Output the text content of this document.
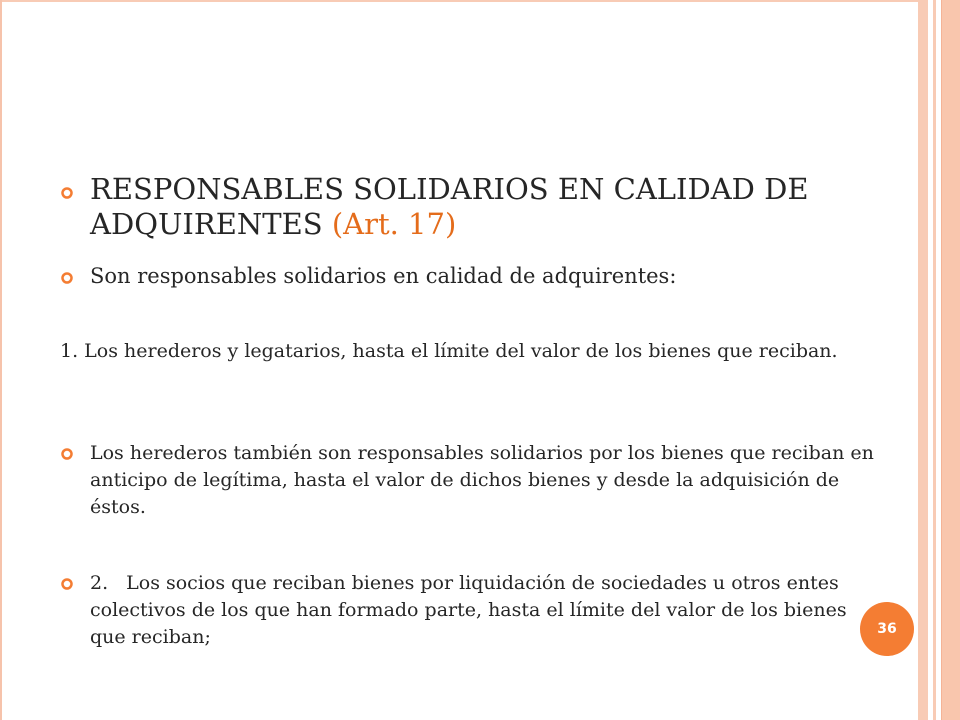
RESPONSABLES SOLIDARIOS EN CALIDAD DE ADQUIRENTES (Art. 17)
Son responsables solidarios en calidad de adquirentes:
1. Los herederos y legatarios, hasta el límite del valor de los bienes que reciban.
Los herederos también son responsables solidarios por los bienes que reciban en anticipo de legítima, hasta el valor de dichos bienes y desde la adquisición de éstos.
2. Los socios que reciban bienes por liquidación de sociedades u otros entes colectivos de los que han formado parte, hasta el límite del valor de los bienes que reciban;	36
